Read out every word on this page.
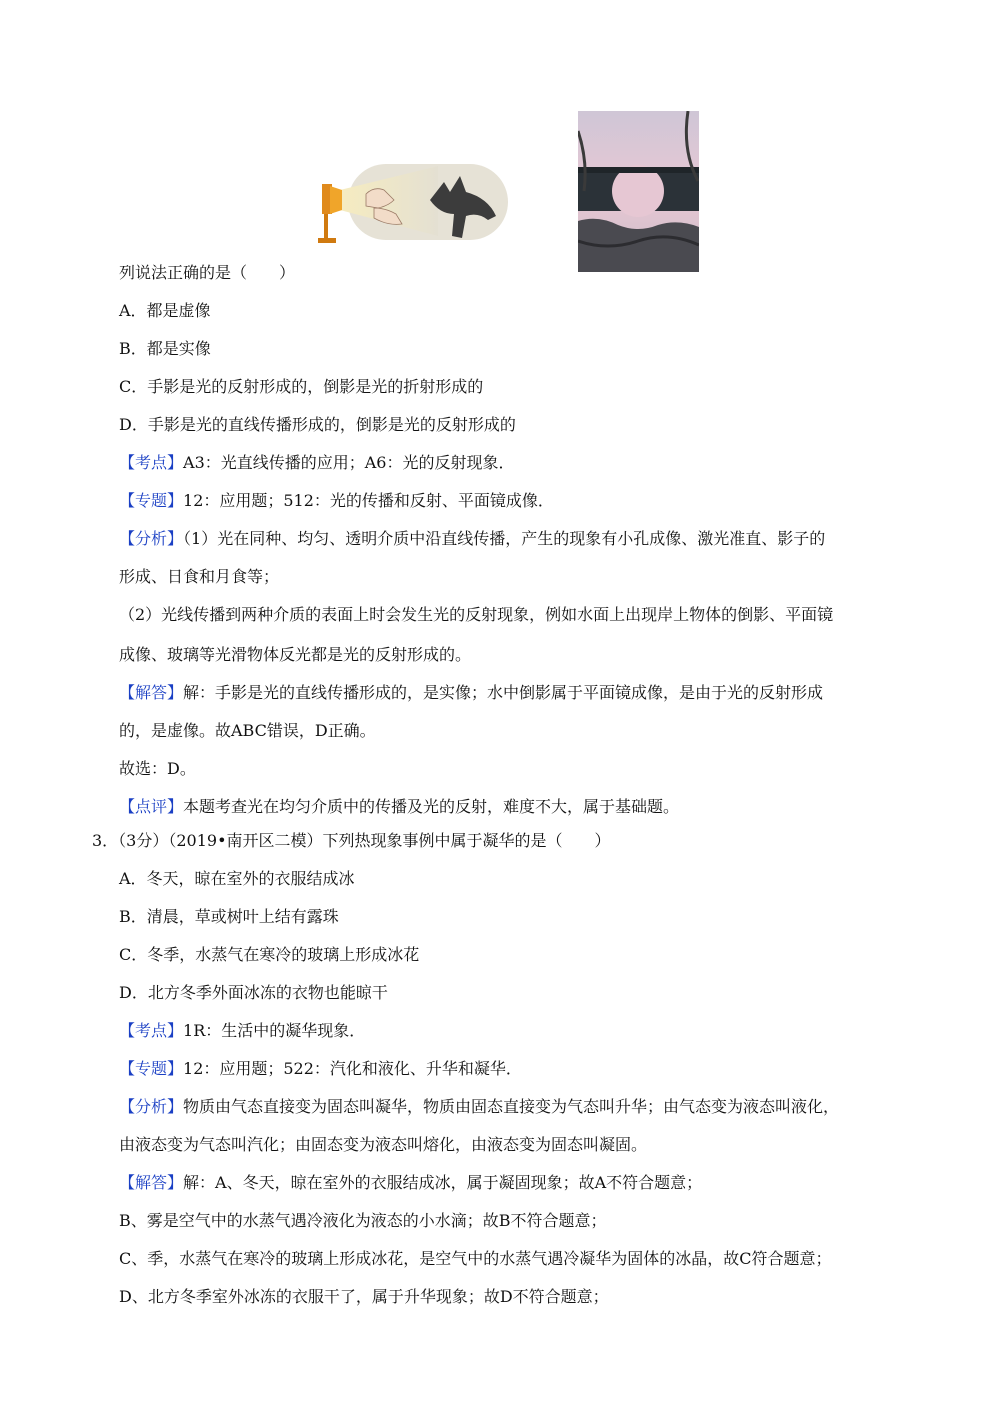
列说法正确的是（　　）
A．都是虚像
B．都是实像
C．手影是光的反射形成的，倒影是光的折射形成的
D．手影是光的直线传播形成的，倒影是光的反射形成的
【考点】A3：光直线传播的应用；A6：光的反射现象．
【专题】12：应用题；512：光的传播和反射、平面镜成像．
【分析】（1）光在同种、均匀、透明介质中沿直线传播，产生的现象有小孔成像、激光准直、影子的
形成、日食和月食等；
（2）光线传播到两种介质的表面上时会发生光的反射现象，例如水面上出现岸上物体的倒影、平面镜
成像、玻璃等光滑物体反光都是光的反射形成的。
【解答】解：手影是光的直线传播形成的，是实像；水中倒影属于平面镜成像，是由于光的反射形成
的，是虚像。故ABC错误，D正确。
故选：D。
【点评】本题考查光在均匀介质中的传播及光的反射，难度不大，属于基础题。
3．（3分）（2019•南开区二模）下列热现象事例中属于凝华的是（　　）
A．冬天，晾在室外的衣服结成冰
B．清晨，草或树叶上结有露珠
C．冬季，水蒸气在寒冷的玻璃上形成冰花
D．北方冬季外面冰冻的衣物也能晾干
【考点】1R：生活中的凝华现象．
【专题】12：应用题；522：汽化和液化、升华和凝华．
【分析】物质由气态直接变为固态叫凝华，物质由固态直接变为气态叫升华；由气态变为液态叫液化，
由液态变为气态叫汽化；由固态变为液态叫熔化，由液态变为固态叫凝固。
【解答】解：A、冬天，晾在室外的衣服结成冰，属于凝固现象；故A不符合题意；
B、雾是空气中的水蒸气遇冷液化为液态的小水滴；故B不符合题意；
C、季，水蒸气在寒冷的玻璃上形成冰花，是空气中的水蒸气遇冷凝华为固体的冰晶，故C符合题意；
D、北方冬季室外冰冻的衣服干了，属于升华现象；故D不符合题意；
